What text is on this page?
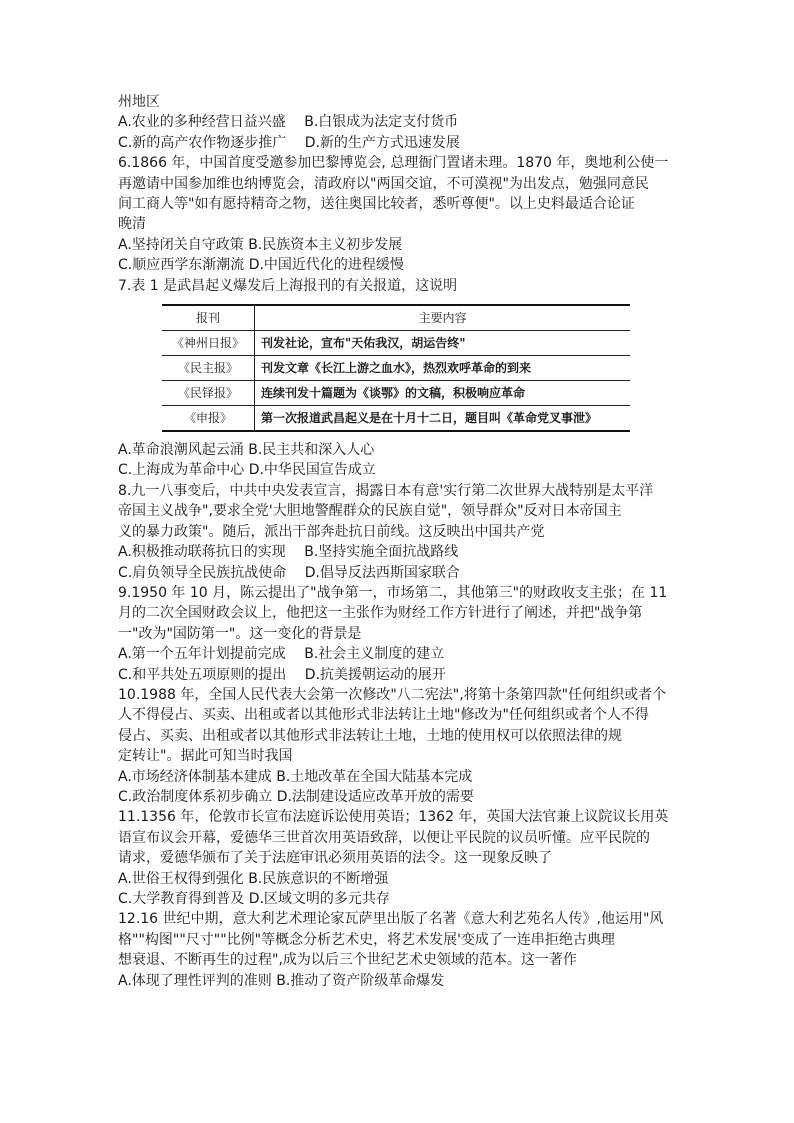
州地区
A.农业的多种经营日益兴盛 B.白银成为法定支付货币
C.新的高产农作物逐步推广 D.新的生产方式迅速发展
6.1866 年，中国首度受邀参加巴黎博览会, 总理衙门置诸未理。1870 年，奥地利公使一
再邀请中国参加维也纳博览会，清政府以"两国交谊，不可漠视"为出发点，勉强同意民
间工商人等"如有愿持精奇之物，送往奥国比较者，悉听尊便"。以上史料最适合论证
晚清
A.坚持闭关自守政策 B.民族资本主义初步发展
C.顺应西学东渐潮流 D.中国近代化的进程缓慢
7.表 1 是武昌起义爆发后上海报刊的有关报道，这说明
报刊	主要内容
《神州日报》	刊发社论，宣布"天佑我汉，胡运告终"
《民主报》	刊发文章《长江上游之血水》，热烈欢呼革命的到来
《民铎报》	连续刊发十篇题为《谈鄂》的文稿，积极响应革命
《申报》	第一次报道武昌起义是在十月十二日，题目叫《革命党叉事泄》
A.革命浪潮风起云涌 B.民主共和深入人心
C.上海成为革命中心 D.中华民国宣告成立
8.九一八事变后，中共中央发表宣言，揭露日本有意'实行第二次世界大战特别是太平洋
帝国主义战争",要求全党'大胆地警醒群众的民族自觉"，领导群众"反对日本帝国主
义的暴力政策"。随后，派出干部奔赴抗日前线。这反映出中国共产党
A.积极推动联蒋抗日的实现 B.坚持实施全面抗战路线
C.肩负领导全民族抗战使命 D.倡导反法西斯国家联合
9.1950 年 10 月，陈云提出了"战争第一，市场第二，其他第三"的财政收支主张；在 11
月的二次全国财政会议上，他把这一主张作为财经工作方针进行了阐述，并把"战争第
一"改为"国防第一"。这一变化的背景是
A.第一个五年计划提前完成 B.社会主义制度的建立
C.和平共处五项原则的提出 D.抗美援朝运动的展开
10.1988 年，全国人民代表大会第一次修改"八二宪法",将第十条第四款"任何组织或者个
人不得侵占、买卖、出租或者以其他形式非法转让土地"修改为"任何组织或者个人不得
侵占、买卖、出租或者以其他形式非法转让土地，土地的使用权可以依照法律的规
定转让"。据此可知当时我国
A.市场经济体制基本建成 B.土地改革在全国大陆基本完成
C.政治制度体系初步确立 D.法制建设适应改革开放的需要
11.1356 年，伦敦市长宣布法庭诉讼使用英语；1362 年，英国大法官兼上议院议长用英
语宣布议会开幕，爱德华三世首次用英语致辞，以便让平民院的议员听懂。应平民院的
请求，爱德华颁布了关于法庭审讯必须用英语的法令。这一现象反映了
A.世俗王权得到强化 B.民族意识的不断增强
C.大学教育得到普及 D.区域文明的多元共存
12.16 世纪中期，意大利艺术理论家瓦萨里出版了名著《意大利艺苑名人传》,他运用"风
格""构图""尺寸""比例"等概念分析艺术史，将艺术发展'变成了一连串拒绝古典理
想衰退、不断再生的过程",成为以后三个世纪艺术史领域的范本。这一著作
A.体现了理性评判的准则 B.推动了资产阶级革命爆发
